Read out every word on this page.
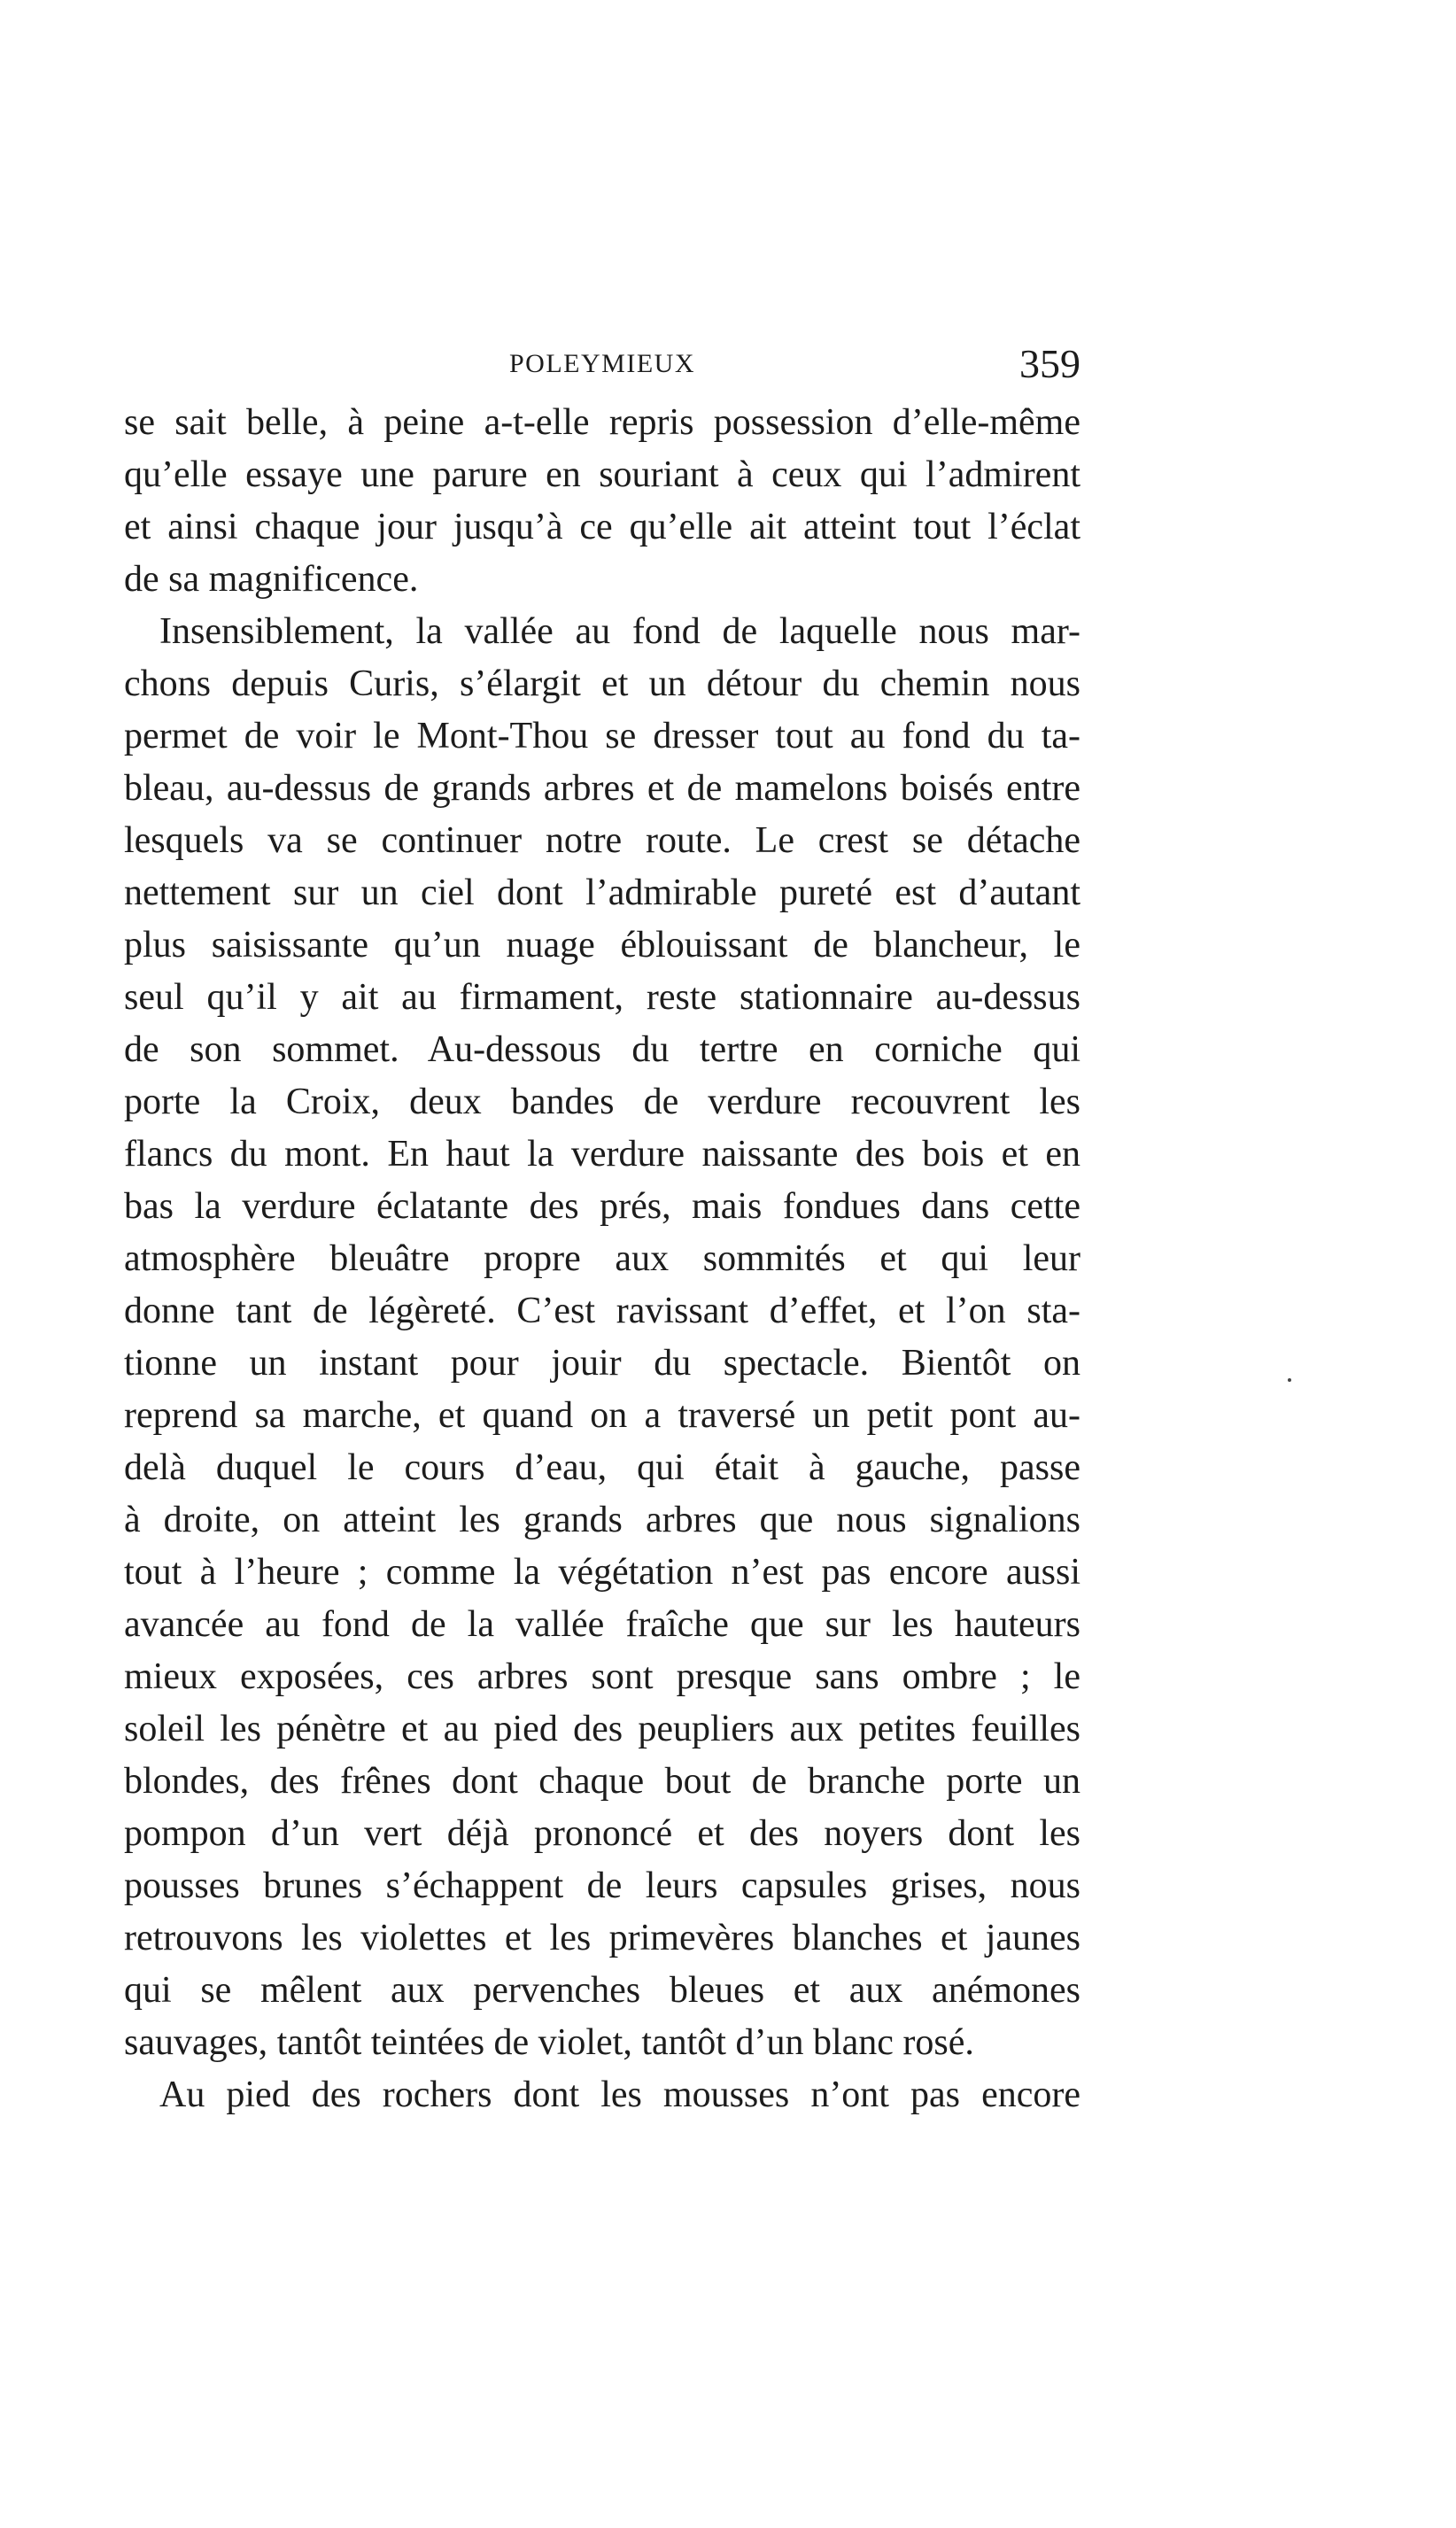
POLEYMIEUX	359
se sait belle, à peine a-t-elle repris possession d’elle-même
qu’elle essaye une parure en souriant à ceux qui l’admirent
et ainsi chaque jour jusqu’à ce qu’elle ait atteint tout l’éclat
de sa magnificence.
Insensiblement, la vallée au fond de laquelle nous mar-
chons depuis Curis, s’élargit et un détour du chemin nous
permet de voir le Mont-Thou se dresser tout au fond du ta-
bleau, au-dessus de grands arbres et de mamelons boisés entre
lesquels va se continuer notre route. Le crest se détache
nettement sur un ciel dont l’admirable pureté est d’autant
plus saisissante qu’un nuage éblouissant de blancheur, le
seul qu’il y ait au firmament, reste stationnaire au-dessus
de son sommet. Au-dessous du tertre en corniche qui
porte la Croix, deux bandes de verdure recouvrent les
flancs du mont. En haut la verdure naissante des bois et en
bas la verdure éclatante des prés, mais fondues dans cette
atmosphère bleuâtre propre aux sommités et qui leur
donne tant de légèreté. C’est ravissant d’effet, et l’on sta-
tionne un instant pour jouir du spectacle. Bientôt on
reprend sa marche, et quand on a traversé un petit pont au-
delà duquel le cours d’eau, qui était à gauche, passe
à droite, on atteint les grands arbres que nous signalions
tout à l’heure ; comme la végétation n’est pas encore aussi
avancée au fond de la vallée fraîche que sur les hauteurs
mieux exposées, ces arbres sont presque sans ombre ; le
soleil les pénètre et au pied des peupliers aux petites feuilles
blondes, des frênes dont chaque bout de branche porte un
pompon d’un vert déjà prononcé et des noyers dont les
pousses brunes s’échappent de leurs capsules grises, nous
retrouvons les violettes et les primevères blanches et jaunes
qui se mêlent aux pervenches bleues et aux anémones
sauvages, tantôt teintées de violet, tantôt d’un blanc rosé.
Au pied des rochers dont les mousses n’ont pas encore
